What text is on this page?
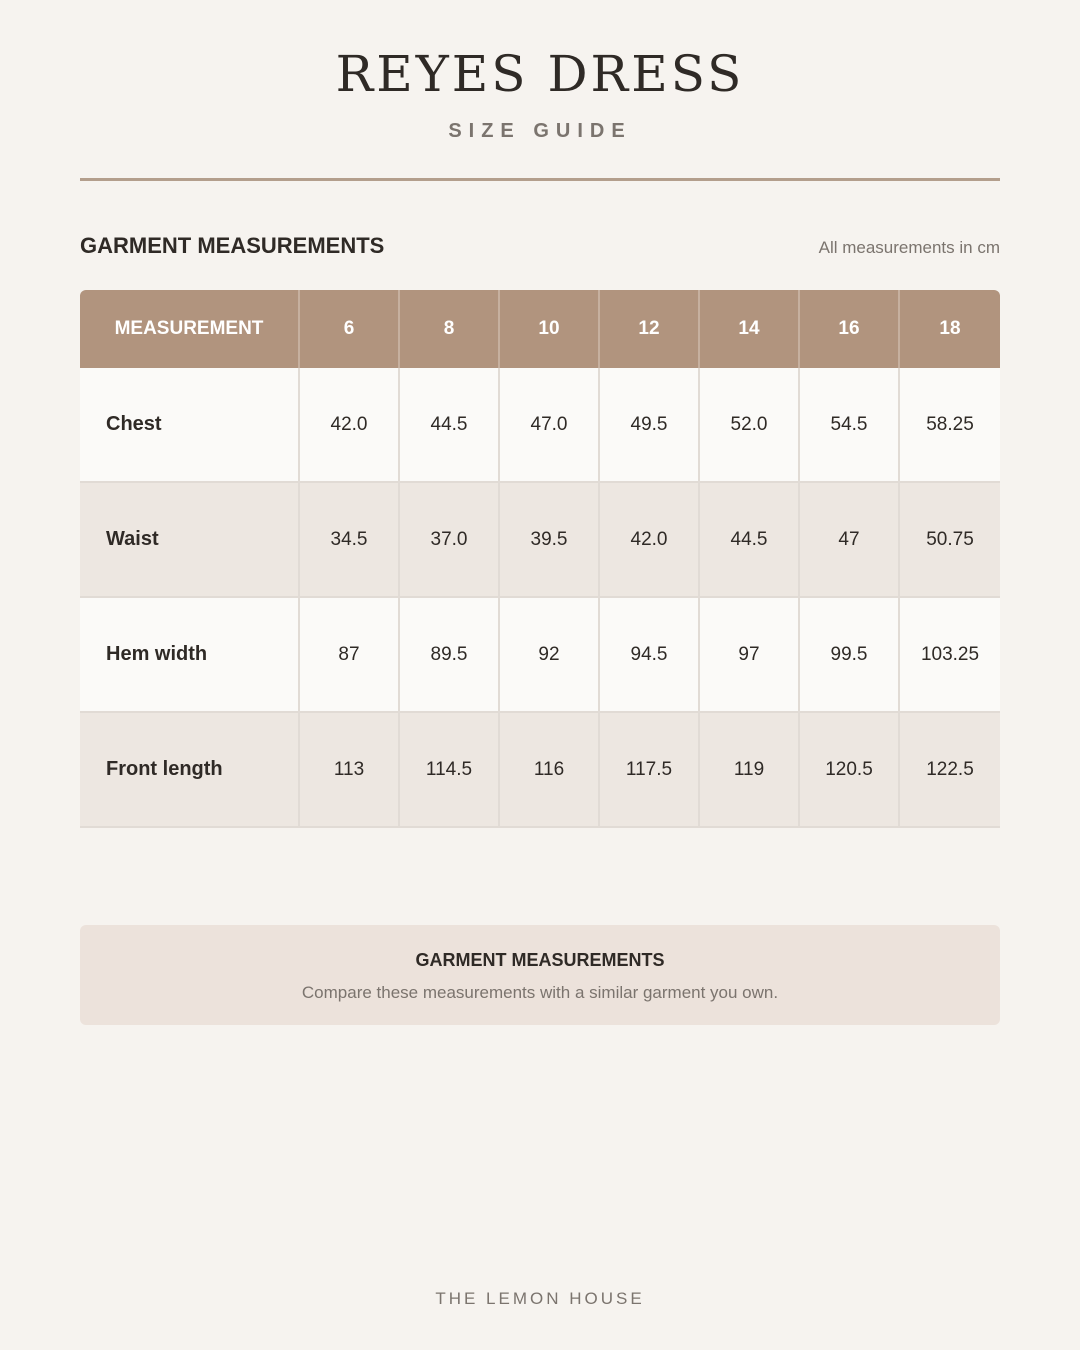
REYES DRESS
SIZE GUIDE
GARMENT MEASUREMENTS	All measurements in cm
MEASUREMENT	6	8	10	12	14	16	18
Chest	42.0	44.5	47.0	49.5	52.0	54.5	58.25
Waist	34.5	37.0	39.5	42.0	44.5	47	50.75
Hem width	87	89.5	92	94.5	97	99.5	103.25
Front length	113	114.5	116	117.5	119	120.5	122.5
GARMENT MEASUREMENTS
Compare these measurements with a similar garment you own.
THE LEMON HOUSE
